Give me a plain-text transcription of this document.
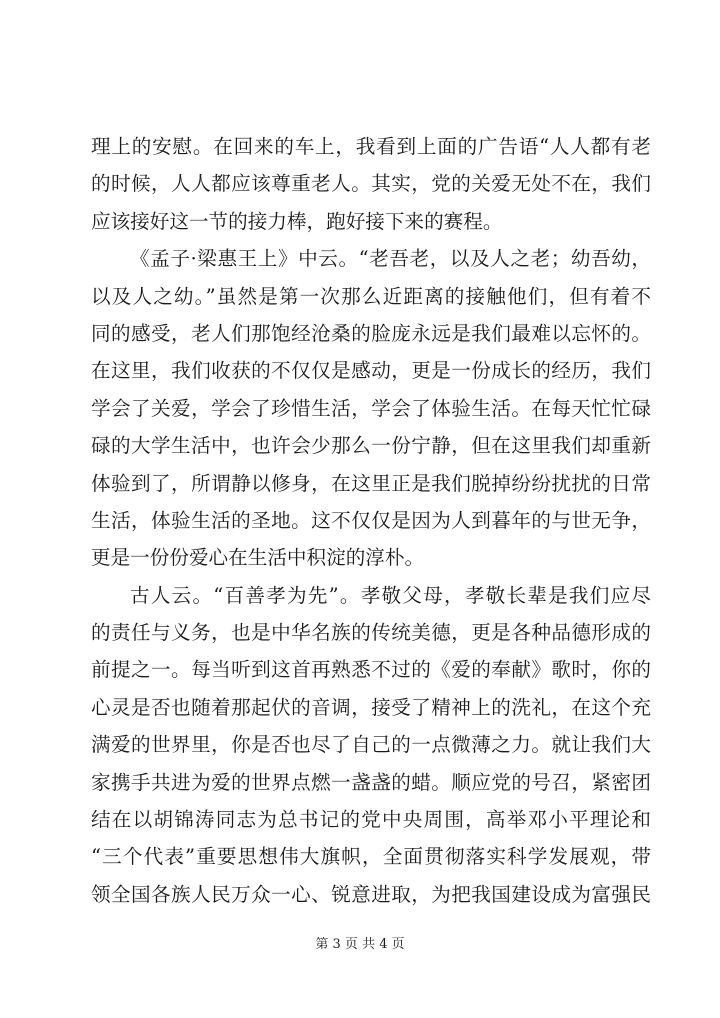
理上的安慰。在回来的车上，我看到上面的广告语“人人都有老
的时候，人人都应该尊重老人。其实，党的关爱无处不在，我们
应该接好这一节的接力棒，跑好接下来的赛程。
《孟子·梁惠王上》中云。“老吾老，以及人之老；幼吾幼，
以及人之幼。”虽然是第一次那么近距离的接触他们，但有着不
同的感受，老人们那饱经沧桑的脸庞永远是我们最难以忘怀的。
在这里，我们收获的不仅仅是感动，更是一份成长的经历，我们
学会了关爱，学会了珍惜生活，学会了体验生活。在每天忙忙碌
碌的大学生活中，也许会少那么一份宁静，但在这里我们却重新
体验到了，所谓静以修身，在这里正是我们脱掉纷纷扰扰的日常
生活，体验生活的圣地。这不仅仅是因为人到暮年的与世无争，
更是一份份爱心在生活中积淀的淳朴。
古人云。“百善孝为先”。孝敬父母，孝敬长辈是我们应尽
的责任与义务，也是中华名族的传统美德，更是各种品德形成的
前提之一。每当听到这首再熟悉不过的《爱的奉献》歌时，你的
心灵是否也随着那起伏的音调，接受了精神上的洗礼，在这个充
满爱的世界里，你是否也尽了自己的一点微薄之力。就让我们大
家携手共进为爱的世界点燃一盏盏的蜡。顺应党的号召，紧密团
结在以胡锦涛同志为总书记的党中央周围，高举邓小平理论和
“三个代表”重要思想伟大旗帜，全面贯彻落实科学发展观，带
领全国各族人民万众一心、锐意进取，为把我国建设成为富强民
第 3 页 共 4 页
